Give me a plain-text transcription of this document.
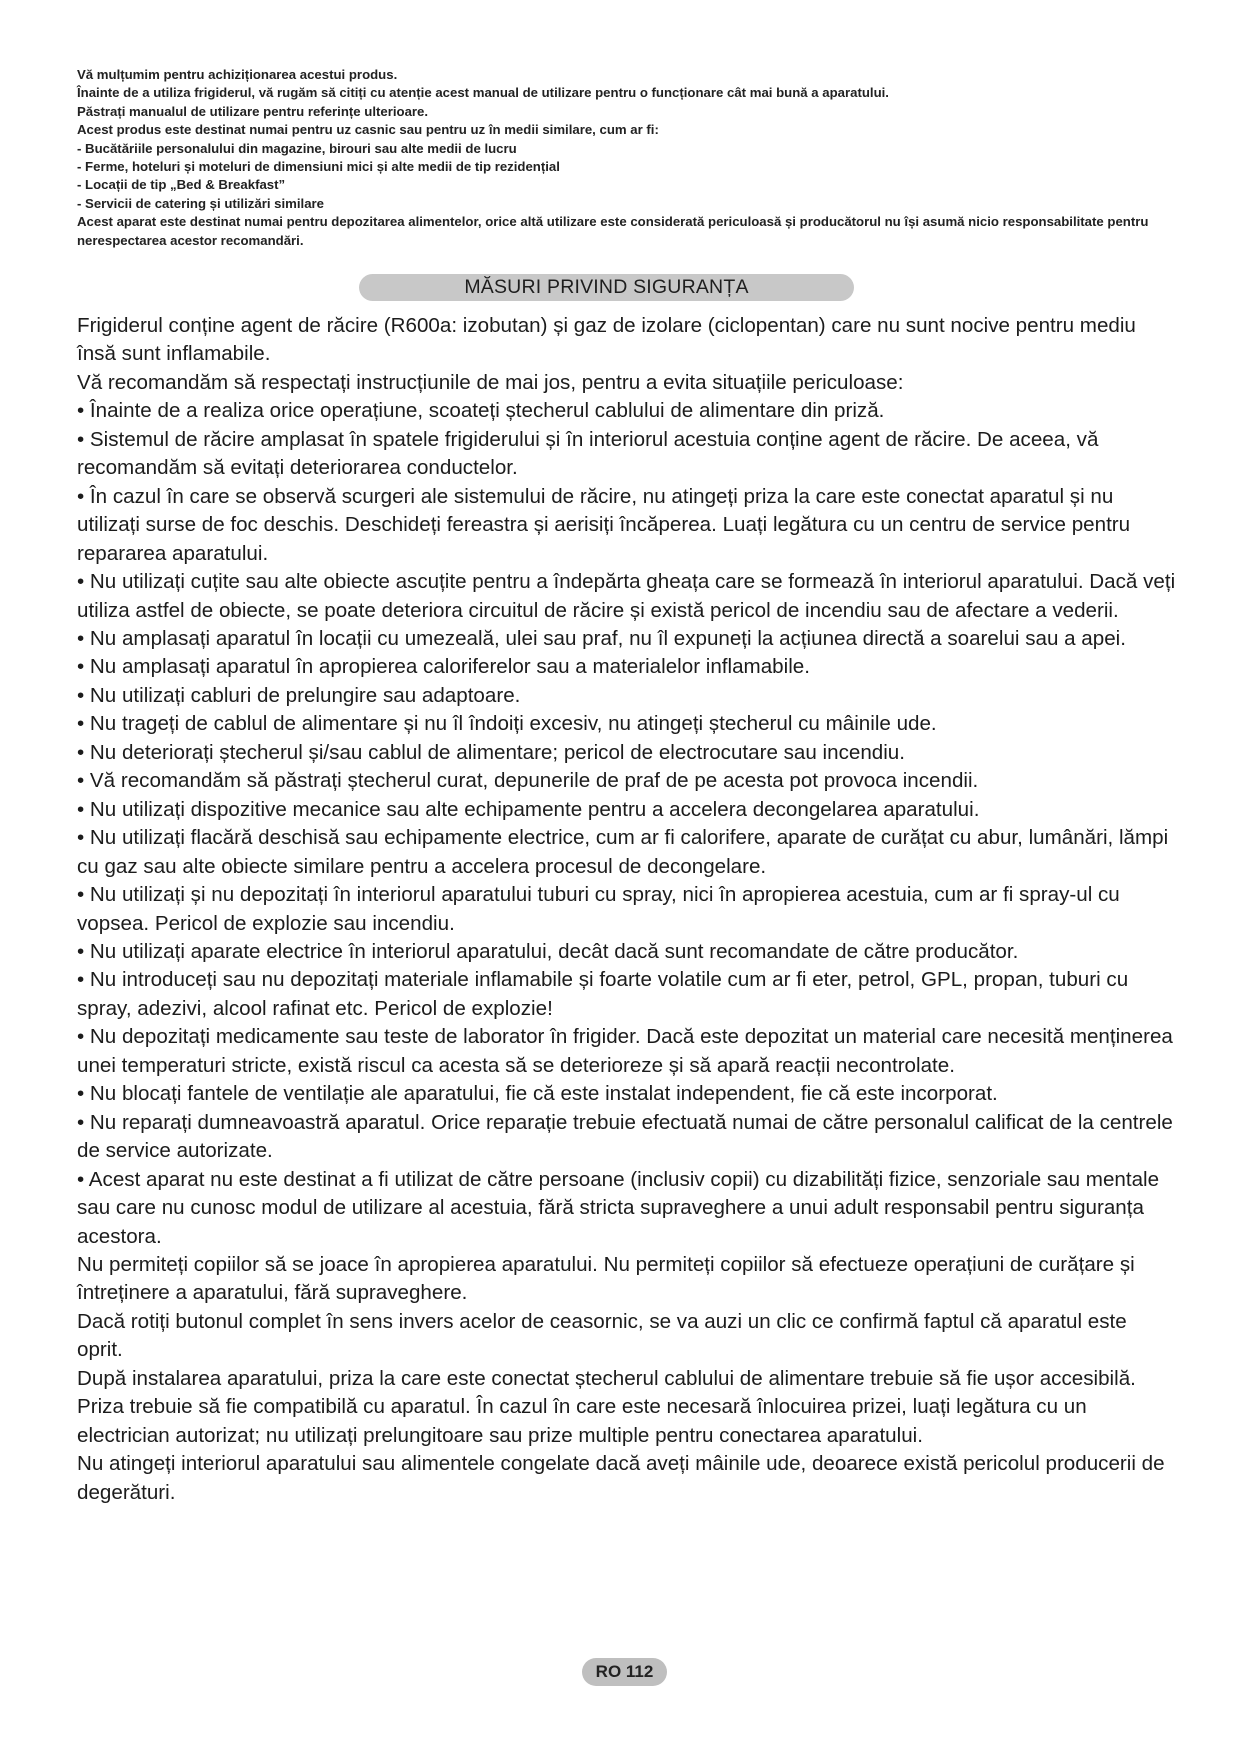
Vă mulțumim pentru achiziționarea acestui produs.

Înainte de a utiliza frigiderul, vă rugăm să citiți cu atenție acest manual de utilizare pentru o funcționare cât mai bună a aparatului.

Păstrați manualul de utilizare pentru referințe ulterioare.

Acest produs este destinat numai pentru uz casnic sau pentru uz în medii similare, cum ar fi:

- Bucătăriile personalului din magazine, birouri sau alte medii de lucru

- Ferme, hoteluri și moteluri de dimensiuni mici și alte medii de tip rezidențial

- Locații de tip „Bed & Breakfast”

- Servicii de catering și utilizări similare

Acest aparat este destinat numai pentru depozitarea alimentelor, orice altă utilizare este considerată periculoasă și producătorul nu își asumă nicio responsabilitate pentru nerespectarea acestor recomandări.

MĂSURI PRIVIND SIGURANȚA

Frigiderul conține agent de răcire (R600a: izobutan) și gaz de izolare (ciclopentan) care nu sunt nocive pentru mediu însă sunt inflamabile.

Vă recomandăm să respectați instrucțiunile de mai jos, pentru a evita situațiile periculoase:

• Înainte de a realiza orice operațiune, scoateți ștecherul cablului de alimentare din priză.

• Sistemul de răcire amplasat în spatele frigiderului și în interiorul acestuia conține agent de răcire. De aceea, vă recomandăm să evitați deteriorarea conductelor.

• În cazul în care se observă scurgeri ale sistemului de răcire, nu atingeți priza la care este conectat aparatul și nu utilizați surse de foc deschis. Deschideți fereastra și aerisiți încăperea. Luați legătura cu un centru de service pentru repararea aparatului.

• Nu utilizați cuțite sau alte obiecte ascuțite pentru a îndepărta gheața care se formează în interiorul aparatului. Dacă veți utiliza astfel de obiecte, se poate deteriora circuitul de răcire și există pericol de incendiu sau de afectare a vederii.

• Nu amplasați aparatul în locații cu umezeală, ulei sau praf, nu îl expuneți la acțiunea directă a soarelui sau a apei.

• Nu amplasați aparatul în apropierea caloriferelor sau a materialelor inflamabile.

• Nu utilizați cabluri de prelungire sau adaptoare.

• Nu trageți de cablul de alimentare și nu îl îndoiți excesiv, nu atingeți ștecherul cu mâinile ude.

• Nu deteriorați ștecherul și/sau cablul de alimentare; pericol de electrocutare sau incendiu.

• Vă recomandăm să păstrați ștecherul curat, depunerile de praf de pe acesta pot provoca incendii.

• Nu utilizați dispozitive mecanice sau alte echipamente pentru a accelera decongelarea aparatului.

• Nu utilizați flacără deschisă sau echipamente electrice, cum ar fi calorifere, aparate de curățat cu abur, lumânări, lămpi cu gaz sau alte obiecte similare pentru a accelera procesul de decongelare.

• Nu utilizați și nu depozitați în interiorul aparatului tuburi cu spray, nici în apropierea acestuia, cum ar fi spray-ul cu vopsea. Pericol de explozie sau incendiu.

• Nu utilizați aparate electrice în interiorul aparatului, decât dacă sunt recomandate de către producător.

• Nu introduceți sau nu depozitați materiale inflamabile și foarte volatile cum ar fi eter, petrol, GPL, propan, tuburi cu spray, adezivi, alcool rafinat etc. Pericol de explozie!

• Nu depozitați medicamente sau teste de laborator în frigider. Dacă este depozitat un material care necesită menținerea unei temperaturi stricte, există riscul ca acesta să se deterioreze și să apară reacții necontrolate.

• Nu blocați fantele de ventilație ale aparatului, fie că este instalat independent, fie că este incorporat.

• Nu reparați dumneavoastră aparatul. Orice reparație trebuie efectuată numai de către personalul calificat de la centrele de service autorizate.

• Acest aparat nu este destinat a fi utilizat de către persoane (inclusiv copii) cu dizabilități fizice, senzoriale sau mentale sau care nu cunosc modul de utilizare al acestuia, fără stricta supraveghere a unui adult responsabil pentru siguranța acestora.

Nu permiteți copiilor să se joace în apropierea aparatului. Nu permiteți copiilor să efectueze operațiuni de curățare și întreținere a aparatului, fără supraveghere.

Dacă rotiți butonul complet în sens invers acelor de ceasornic, se va auzi un clic ce confirmă faptul că aparatul este oprit.

După instalarea aparatului, priza la care este conectat ștecherul cablului de alimentare trebuie să fie ușor accesibilă.

Priza trebuie să fie compatibilă cu aparatul. În cazul în care este necesară înlocuirea prizei, luați legătura cu un electrician autorizat; nu utilizați prelungitoare sau prize multiple pentru conectarea aparatului.

Nu atingeți interiorul aparatului sau alimentele congelate dacă aveți mâinile ude, deoarece există pericolul producerii de degerături.

RO 112
